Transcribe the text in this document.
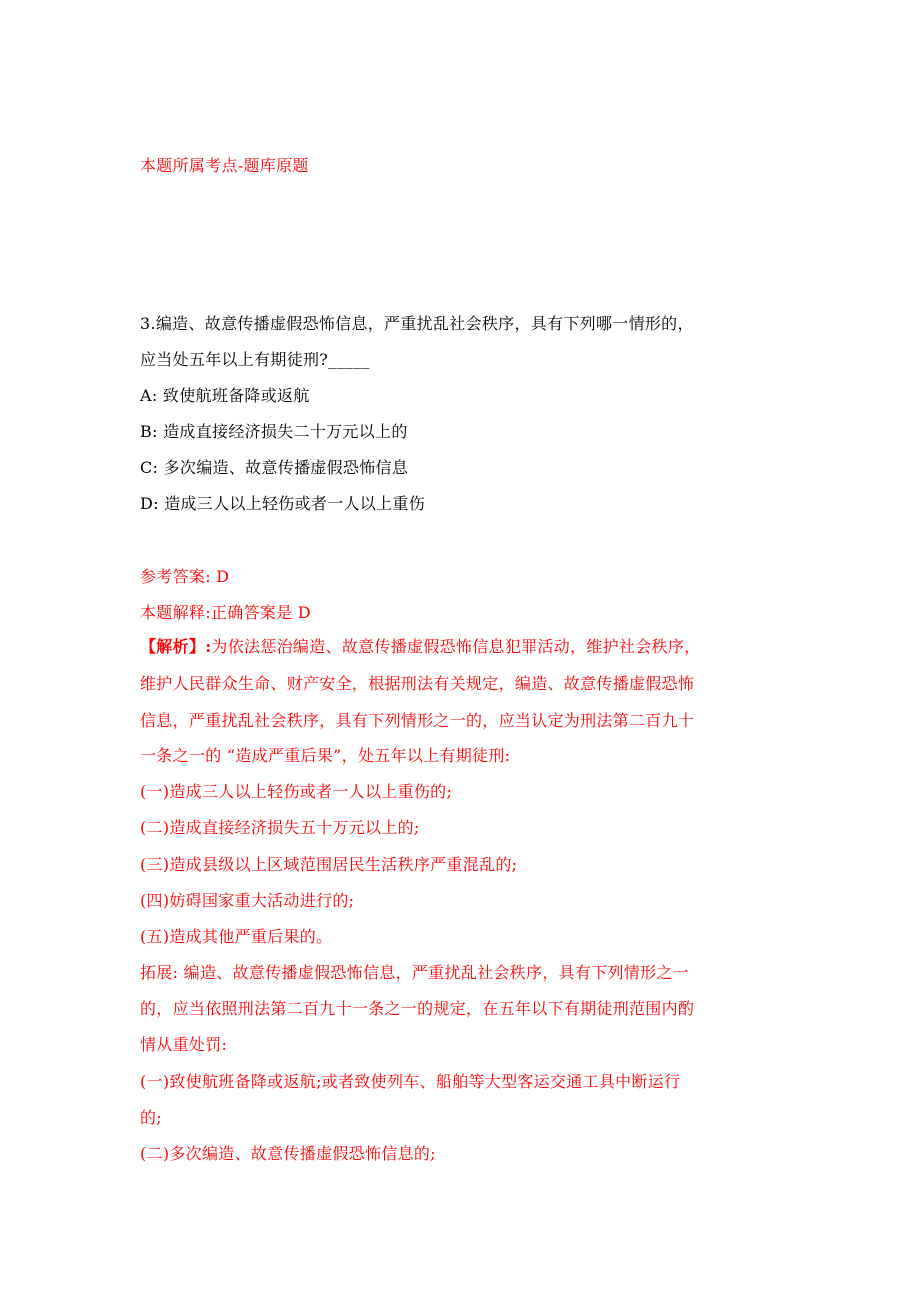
本题所属考点-题库原题
3.编造、故意传播虚假恐怖信息，严重扰乱社会秩序，具有下列哪一情形的，
应当处五年以上有期徒刑?_____
A: 致使航班备降或返航
B: 造成直接经济损失二十万元以上的
C: 多次编造、故意传播虚假恐怖信息
D: 造成三人以上轻伤或者一人以上重伤
参考答案: D
本题解释:正确答案是 D
【解析】:为依法惩治编造、故意传播虚假恐怖信息犯罪活动，维护社会秩序，
维护人民群众生命、财产安全，根据刑法有关规定，编造、故意传播虚假恐怖
信息，严重扰乱社会秩序，具有下列情形之一的，应当认定为刑法第二百九十
一条之一的 “造成严重后果”，处五年以上有期徒刑:
(一)造成三人以上轻伤或者一人以上重伤的;
(二)造成直接经济损失五十万元以上的;
(三)造成县级以上区域范围居民生活秩序严重混乱的;
(四)妨碍国家重大活动进行的;
(五)造成其他严重后果的。
拓展: 编造、故意传播虚假恐怖信息，严重扰乱社会秩序，具有下列情形之一
的，应当依照刑法第二百九十一条之一的规定，在五年以下有期徒刑范围内酌
情从重处罚:
(一)致使航班备降或返航;或者致使列车、船舶等大型客运交通工具中断运行
的;
(二)多次编造、故意传播虚假恐怖信息的;
